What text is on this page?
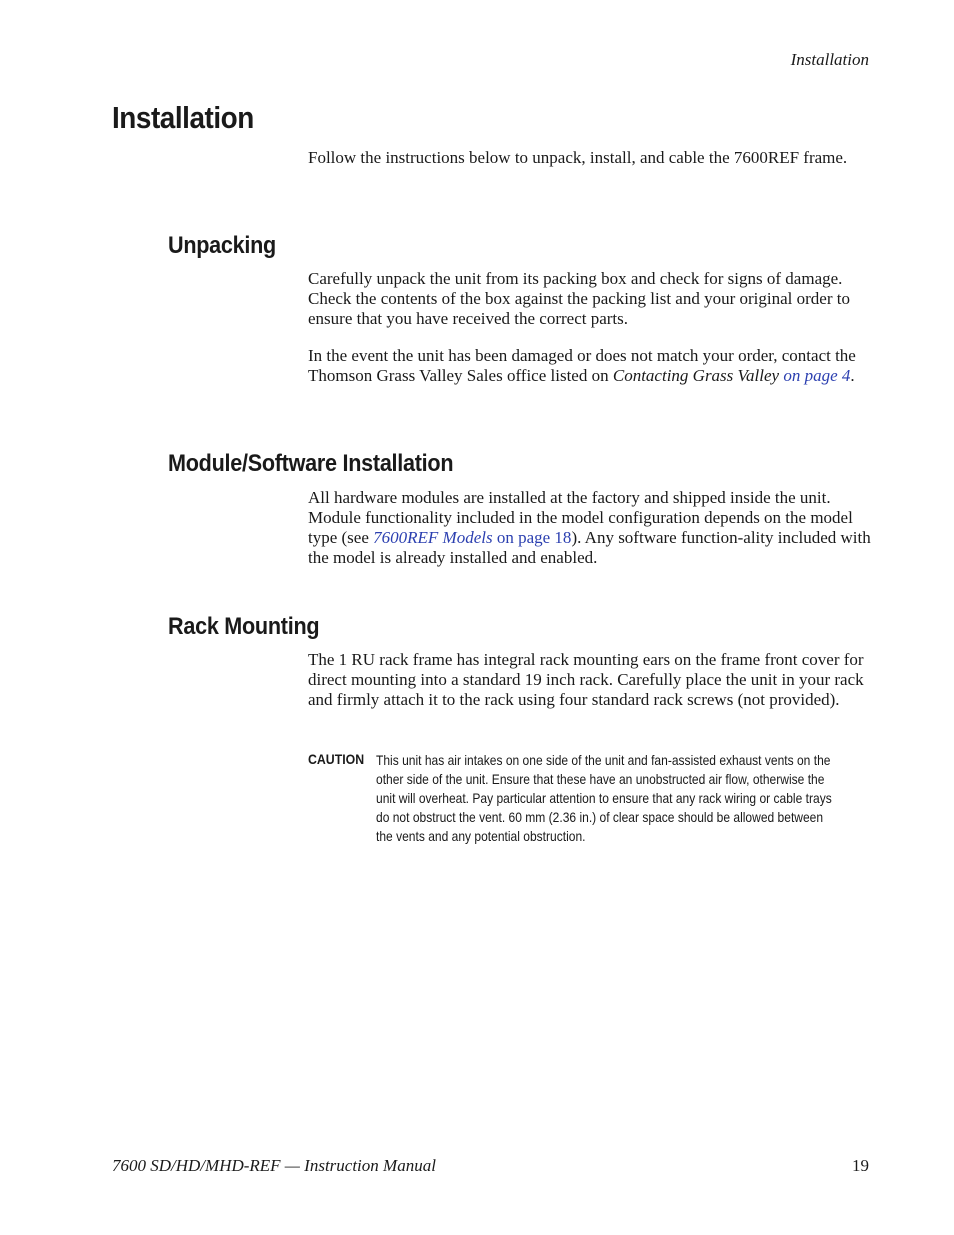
Installation
Installation

Follow the instructions below to unpack, install, and cable the 7600REF frame.

Unpacking

Carefully unpack the unit from its packing box and check for signs of damage. Check the contents of the box against the packing list and your original order to ensure that you have received the correct parts.

In the event the unit has been damaged or does not match your order, contact the Thomson Grass Valley Sales office listed on Contacting Grass Valley on page 4.

Module/Software Installation

All hardware modules are installed at the factory and shipped inside the unit. Module functionality included in the model configuration depends on the model type (see 7600REF Models on page 18). Any software function-ality included with the model is already installed and enabled.

Rack Mounting

The 1 RU rack frame has integral rack mounting ears on the frame front cover for direct mounting into a standard 19 inch rack. Carefully place the unit in your rack and firmly attach it to the rack using four standard rack screws (not provided).

CAUTION This unit has air intakes on one side of the unit and fan-assisted exhaust vents on the other side of the unit. Ensure that these have an unobstructed air flow, otherwise the unit will overheat. Pay particular attention to ensure that any rack wiring or cable trays do not obstruct the vent. 60 mm (2.36 in.) of clear space should be allowed between the vents and any potential obstruction.

7600 SD/HD/MHD-REF — Instruction Manual	19
